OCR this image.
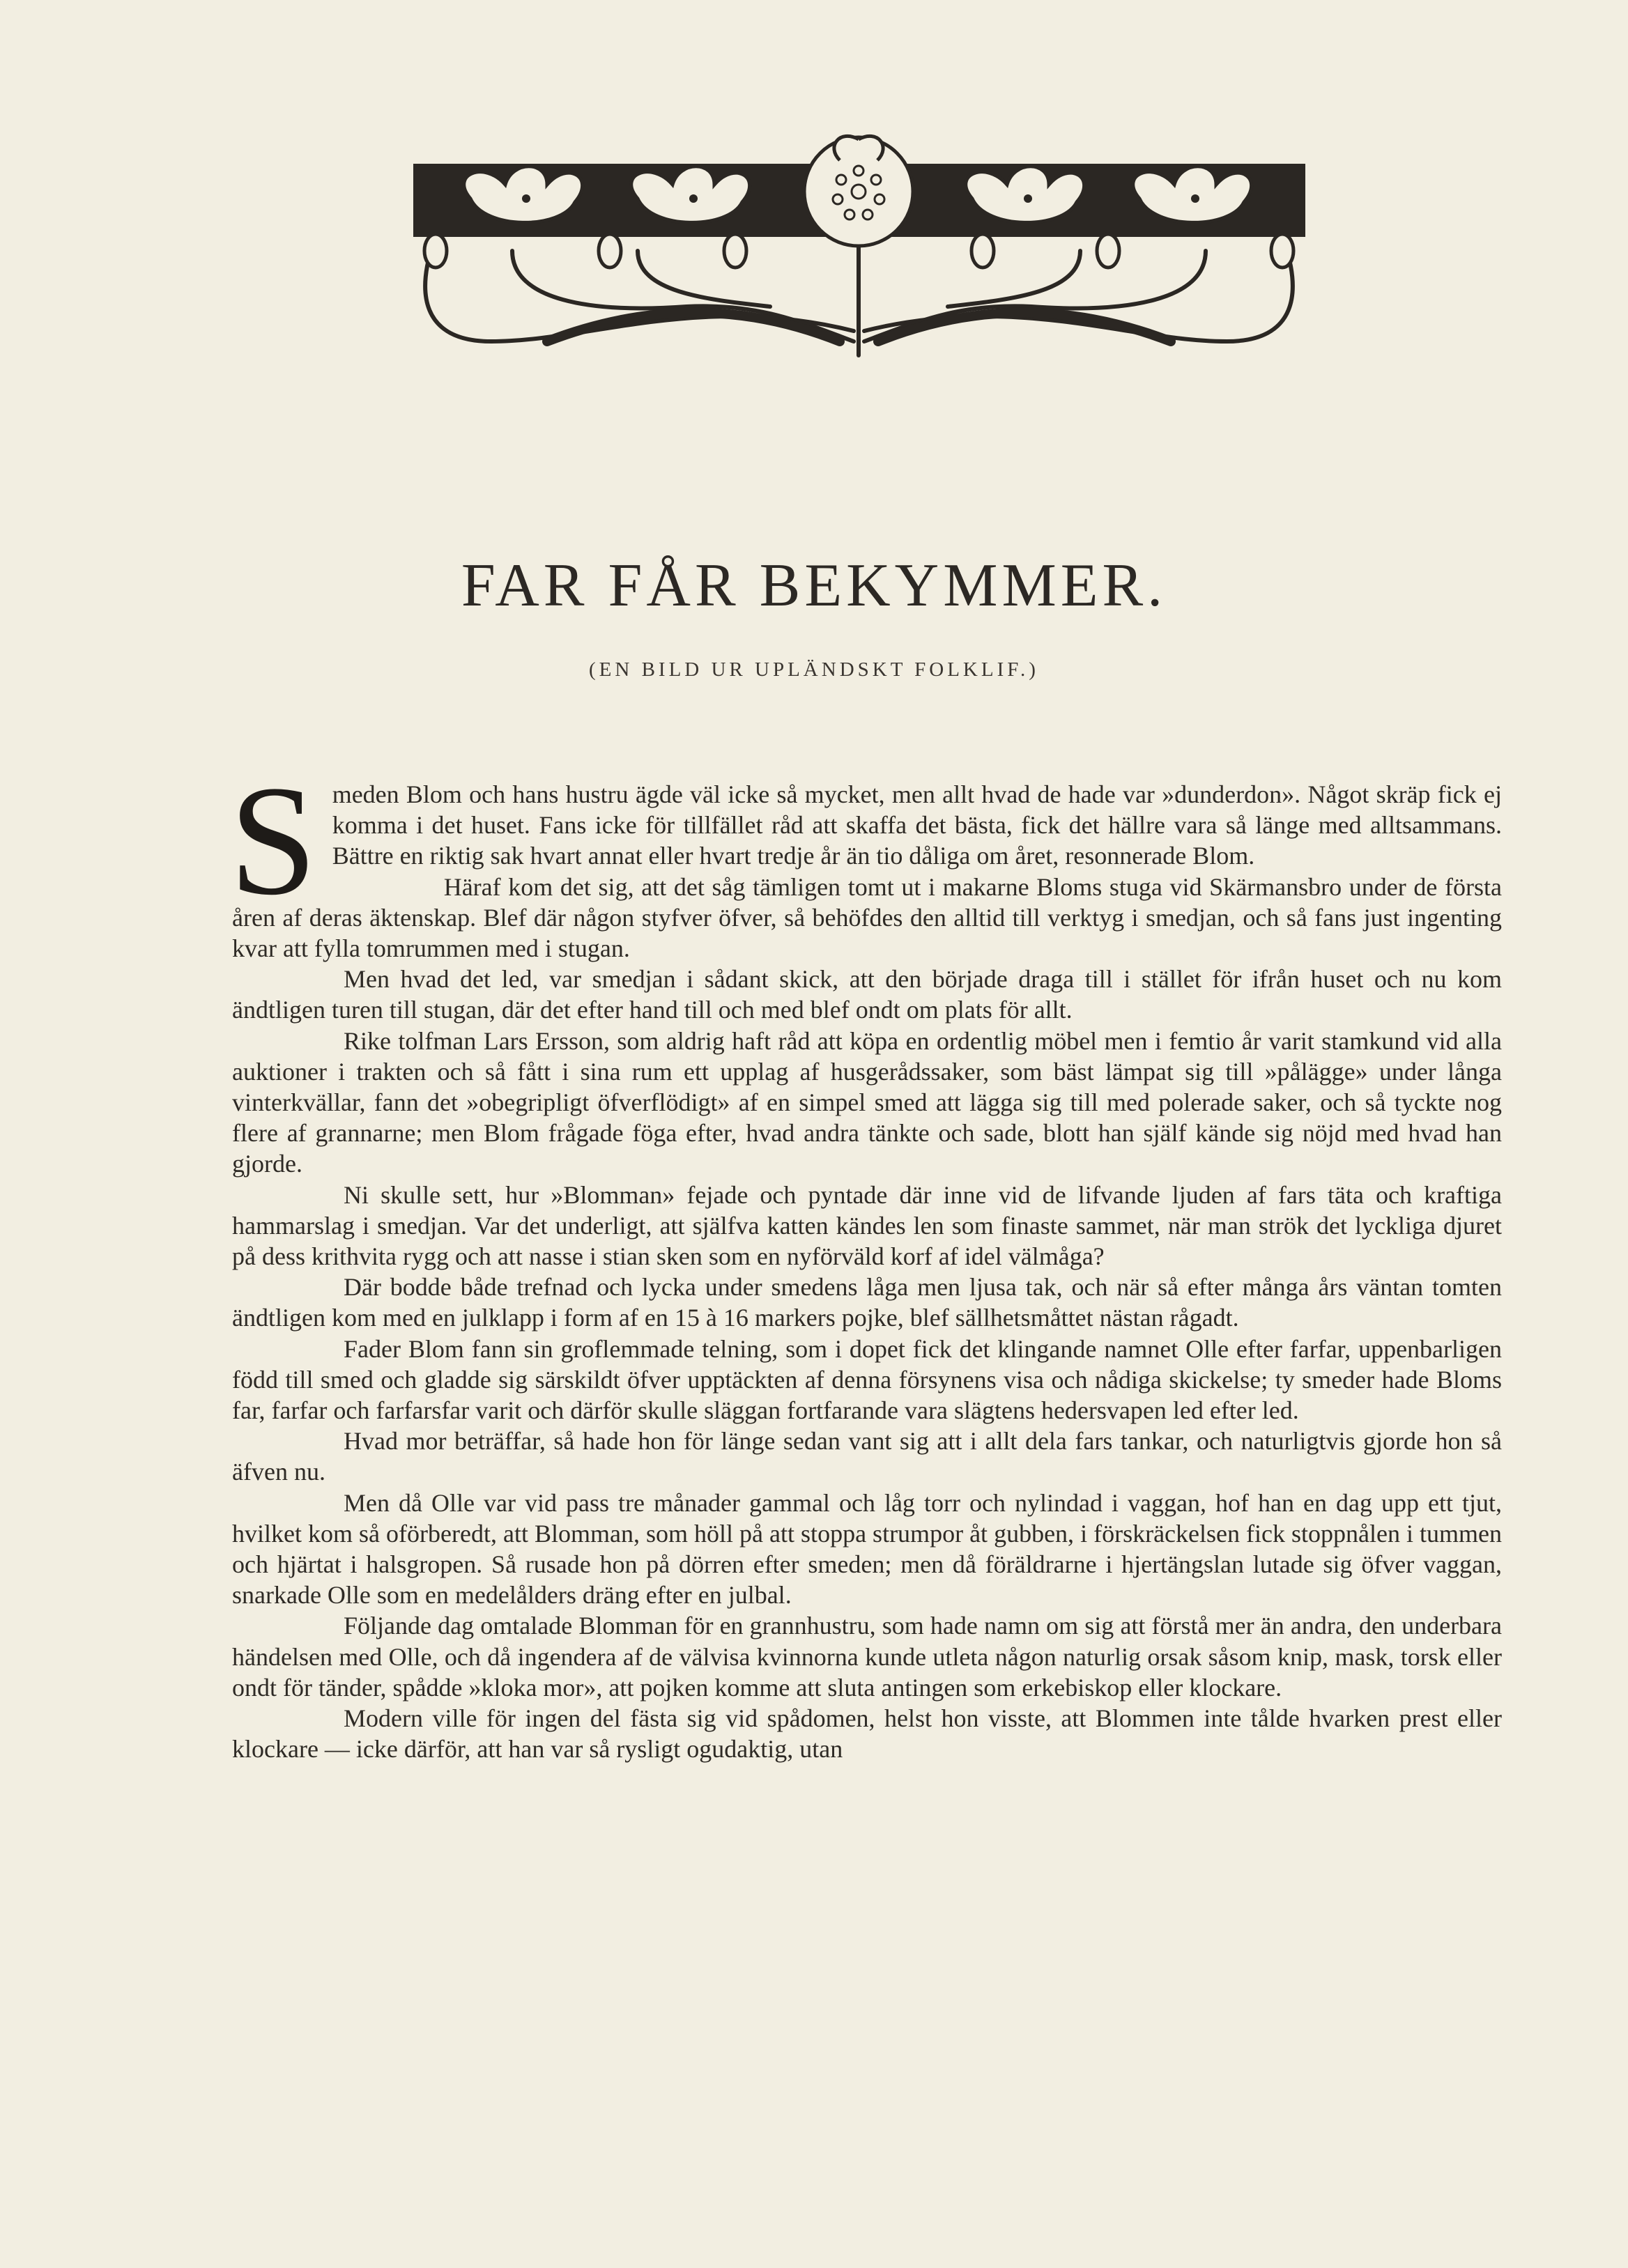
FAR FÅR BEKYMMER.
(EN BILD UR UPLÄNDSKT FOLKLIF.)

Smeden Blom och hans hustru ägde väl icke så mycket, men allt hvad de hade var »dunderdon». Något skräp fick ej komma i det huset. Fans icke för tillfället råd att skaffa det bästa, fick det hällre vara så länge med alltsammans. Bättre en riktig sak hvart annat eller hvart tredje år än tio dåliga om året, resonnerade Blom.

Häraf kom det sig, att det såg tämligen tomt ut i makarne Bloms stuga vid Skärmansbro under de första åren af deras äktenskap. Blef där någon styfver öfver, så behöfdes den alltid till verktyg i smedjan, och så fans just ingenting kvar att fylla tomrummen med i stugan.

Men hvad det led, var smedjan i sådant skick, att den började draga till i stället för ifrån huset och nu kom ändtligen turen till stugan, där det efter hand till och med blef ondt om plats för allt.

Rike tolfman Lars Ersson, som aldrig haft råd att köpa en ordentlig möbel men i femtio år varit stamkund vid alla auktioner i trakten och så fått i sina rum ett upplag af husgerådssaker, som bäst lämpat sig till »pålägge» under långa vinterkvällar, fann det »obegripligt öfverflödigt» af en simpel smed att lägga sig till med polerade saker, och så tyckte nog flere af grannarne; men Blom frågade föga efter, hvad andra tänkte och sade, blott han själf kände sig nöjd med hvad han gjorde.

Ni skulle sett, hur »Blomman» fejade och pyntade där inne vid de lifvande ljuden af fars täta och kraftiga hammarslag i smedjan. Var det underligt, att själfva katten kändes len som finaste sammet, när man strök det lyckliga djuret på dess krithvita rygg och att nasse i stian sken som en nyförväld korf af idel välmåga?

Där bodde både trefnad och lycka under smedens låga men ljusa tak, och när så efter många års väntan tomten ändtligen kom med en julklapp i form af en 15 à 16 markers pojke, blef sällhetsmåttet nästan rågadt.

Fader Blom fann sin groflemmade telning, som i dopet fick det klingande namnet Olle efter farfar, uppenbarligen född till smed och gladde sig särskildt öfver upptäckten af denna försynens visa och nådiga skickelse; ty smeder hade Bloms far, farfar och farfarsfar varit och därför skulle släggan fortfarande vara slägtens hedersvapen led efter led.

Hvad mor beträffar, så hade hon för länge sedan vant sig att i allt dela fars tankar, och naturligtvis gjorde hon så äfven nu.

Men då Olle var vid pass tre månader gammal och låg torr och nylindad i vaggan, hof han en dag upp ett tjut, hvilket kom så oförberedt, att Blomman, som höll på att stoppa strumpor åt gubben, i förskräckelsen fick stoppnålen i tummen och hjärtat i halsgropen. Så rusade hon på dörren efter smeden; men då föräldrarne i hjertängslan lutade sig öfver vaggan, snarkade Olle som en medelålders dräng efter en julbal.

Följande dag omtalade Blomman för en grannhustru, som hade namn om sig att förstå mer än andra, den underbara händelsen med Olle, och då ingendera af de välvisa kvinnorna kunde utleta någon naturlig orsak såsom knip, mask, torsk eller ondt för tänder, spådde »kloka mor», att pojken komme att sluta antingen som erkebiskop eller klockare.

Modern ville för ingen del fästa sig vid spådomen, helst hon visste, att Blommen inte tålde hvarken prest eller klockare — icke därför, att han var så rysligt ogudaktig, utan
